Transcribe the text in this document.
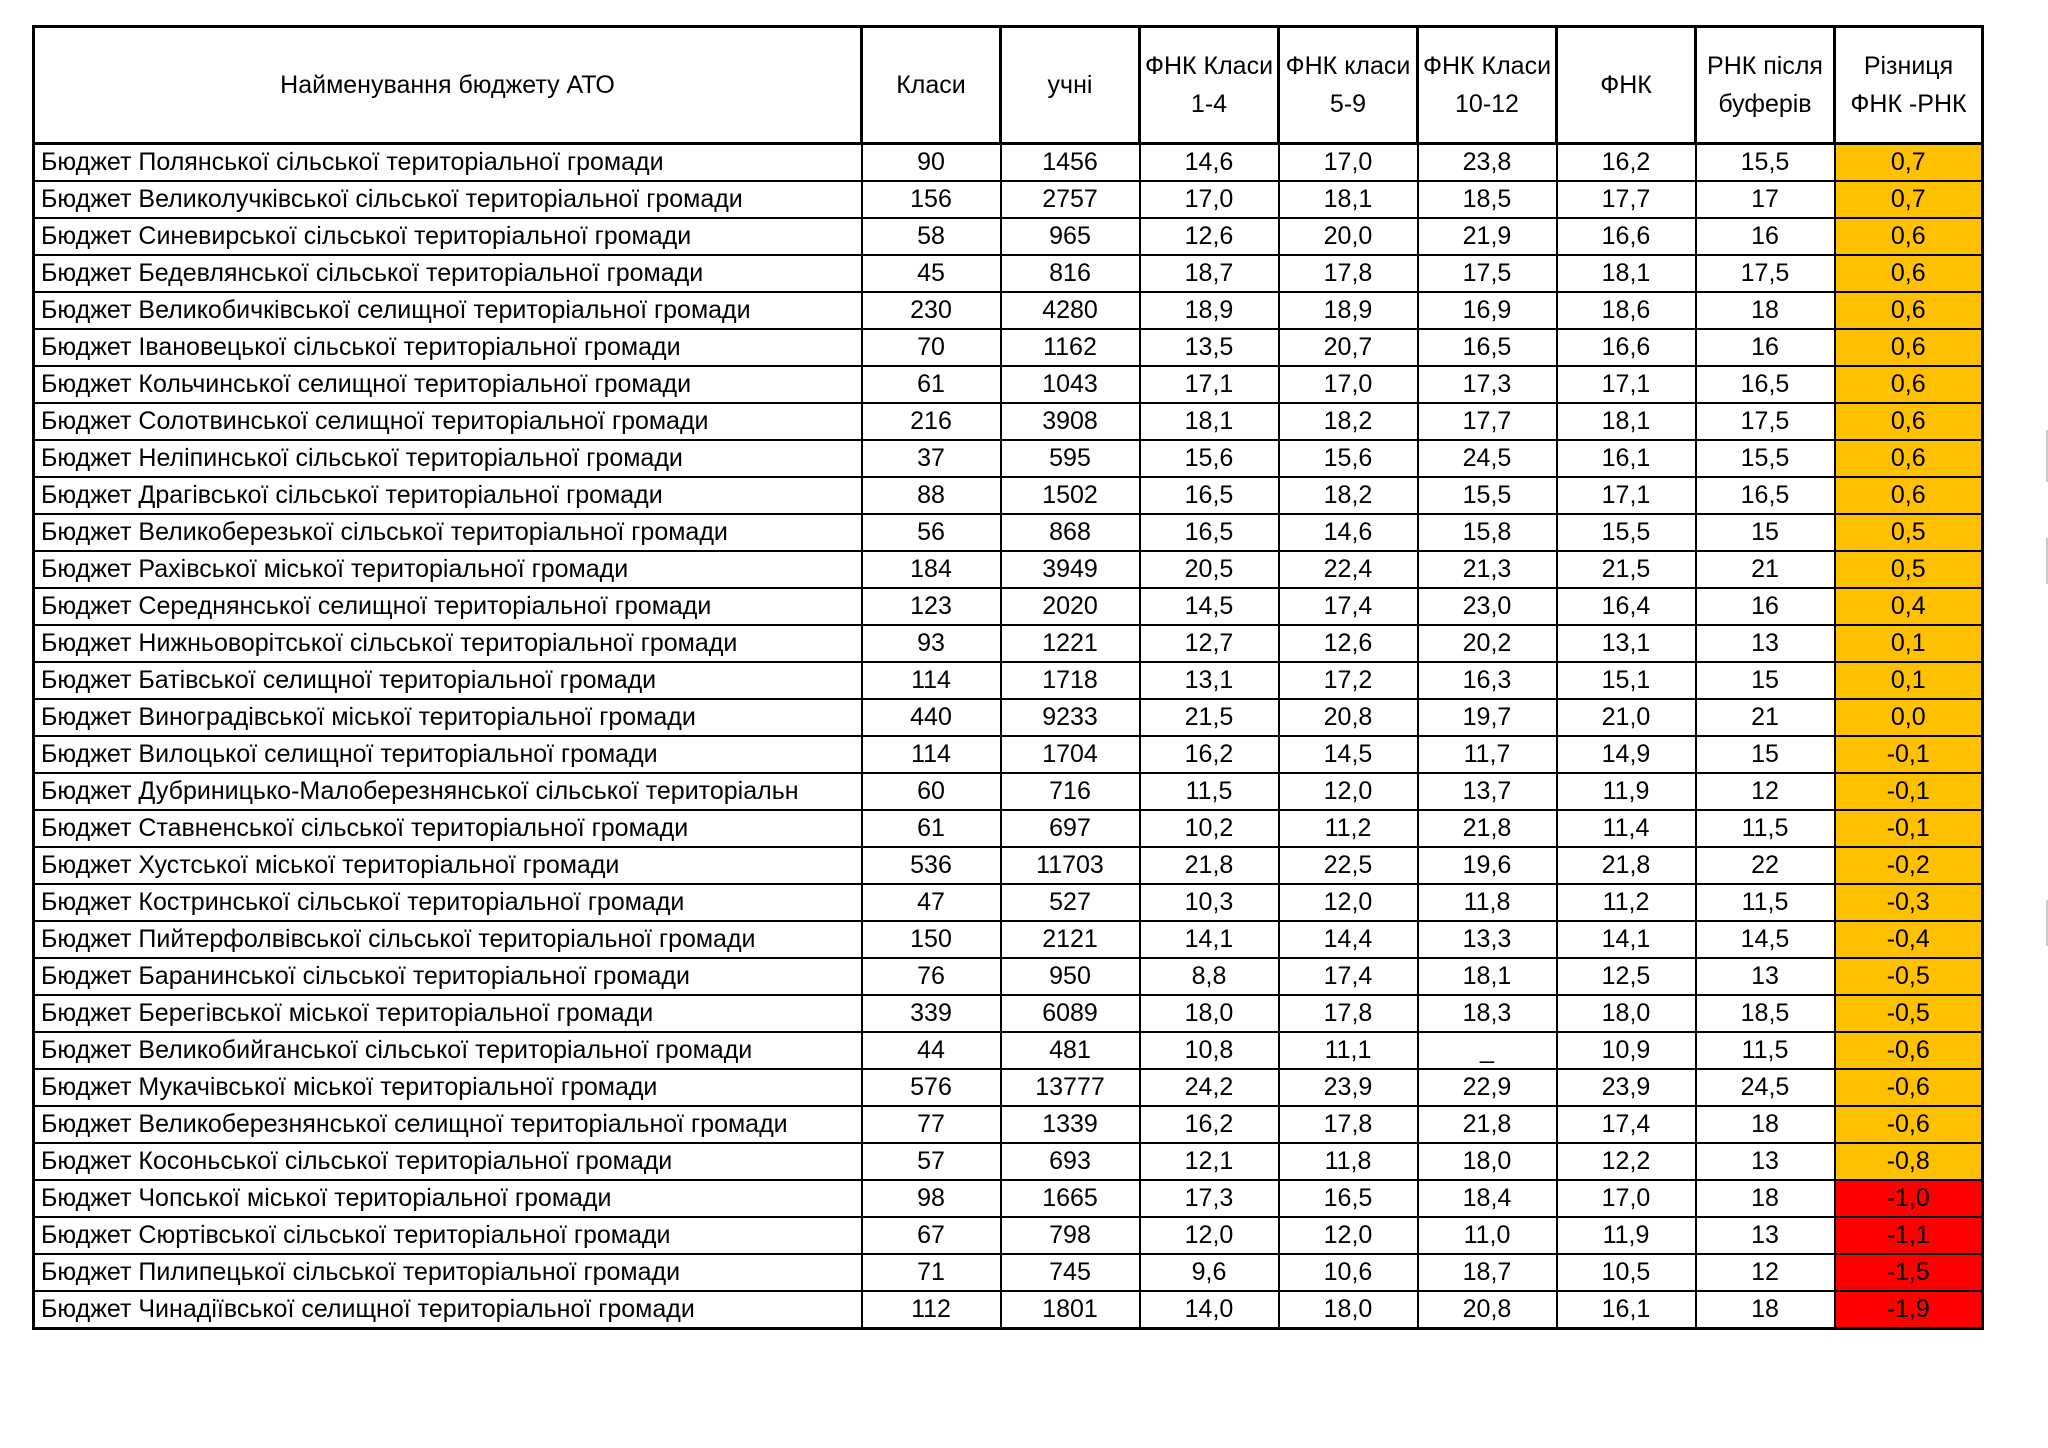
Найменування бюджету АТО	Класи	учні	ФНК Класи 1-4	ФНК класи 5-9	ФНК Класи 10-12	ФНК	РНК після буферів	Різниця ФНК -РНК
Бюджет Полянської сільської територіальної громади	90	1456	14,6	17,0	23,8	16,2	15,5	0,7
Бюджет Великолучківської сільської територіальної громади	156	2757	17,0	18,1	18,5	17,7	17	0,7
Бюджет Синевирської сільської територіальної громади	58	965	12,6	20,0	21,9	16,6	16	0,6
Бюджет Бедевлянської сільської територіальної громади	45	816	18,7	17,8	17,5	18,1	17,5	0,6
Бюджет Великобичківської селищної територіальної громади	230	4280	18,9	18,9	16,9	18,6	18	0,6
Бюджет Івановецької сільської територіальної громади	70	1162	13,5	20,7	16,5	16,6	16	0,6
Бюджет Кольчинської селищної територіальної громади	61	1043	17,1	17,0	17,3	17,1	16,5	0,6
Бюджет Солотвинської селищної територіальної громади	216	3908	18,1	18,2	17,7	18,1	17,5	0,6
Бюджет Неліпинської сільської територіальної громади	37	595	15,6	15,6	24,5	16,1	15,5	0,6
Бюджет Драгівської сільської територіальної громади	88	1502	16,5	18,2	15,5	17,1	16,5	0,6
Бюджет Великоберезької сільської територіальної громади	56	868	16,5	14,6	15,8	15,5	15	0,5
Бюджет Рахівської міської територіальної громади	184	3949	20,5	22,4	21,3	21,5	21	0,5
Бюджет Середнянської селищної територіальної громади	123	2020	14,5	17,4	23,0	16,4	16	0,4
Бюджет Нижньоворітської сільської територіальної громади	93	1221	12,7	12,6	20,2	13,1	13	0,1
Бюджет Батівської селищної територіальної громади	114	1718	13,1	17,2	16,3	15,1	15	0,1
Бюджет Виноградівської міської територіальної громади	440	9233	21,5	20,8	19,7	21,0	21	0,0
Бюджет Вилоцької селищної територіальної громади	114	1704	16,2	14,5	11,7	14,9	15	-0,1
Бюджет Дубриницько-Малоберезнянської сільської територіальн	60	716	11,5	12,0	13,7	11,9	12	-0,1
Бюджет Ставненської сільської територіальної громади	61	697	10,2	11,2	21,8	11,4	11,5	-0,1
Бюджет Хустської міської територіальної громади	536	11703	21,8	22,5	19,6	21,8	22	-0,2
Бюджет Костринської сільської територіальної громади	47	527	10,3	12,0	11,8	11,2	11,5	-0,3
Бюджет Пийтерфолвівської сільської територіальної громади	150	2121	14,1	14,4	13,3	14,1	14,5	-0,4
Бюджет Баранинської сільської територіальної громади	76	950	8,8	17,4	18,1	12,5	13	-0,5
Бюджет Берегівської міської територіальної громади	339	6089	18,0	17,8	18,3	18,0	18,5	-0,5
Бюджет Великобийганської сільської територіальної громади	44	481	10,8	11,1	_	10,9	11,5	-0,6
Бюджет Мукачівської міської територіальної громади	576	13777	24,2	23,9	22,9	23,9	24,5	-0,6
Бюджет Великоберезнянської селищної територіальної громади	77	1339	16,2	17,8	21,8	17,4	18	-0,6
Бюджет Косоньської сільської територіальної громади	57	693	12,1	11,8	18,0	12,2	13	-0,8
Бюджет Чопської міської територіальної громади	98	1665	17,3	16,5	18,4	17,0	18	-1,0
Бюджет Сюртівської сільської територіальної громади	67	798	12,0	12,0	11,0	11,9	13	-1,1
Бюджет Пилипецької сільської територіальної громади	71	745	9,6	10,6	18,7	10,5	12	-1,5
Бюджет Чинадіївської селищної територіальної громади	112	1801	14,0	18,0	20,8	16,1	18	-1,9
